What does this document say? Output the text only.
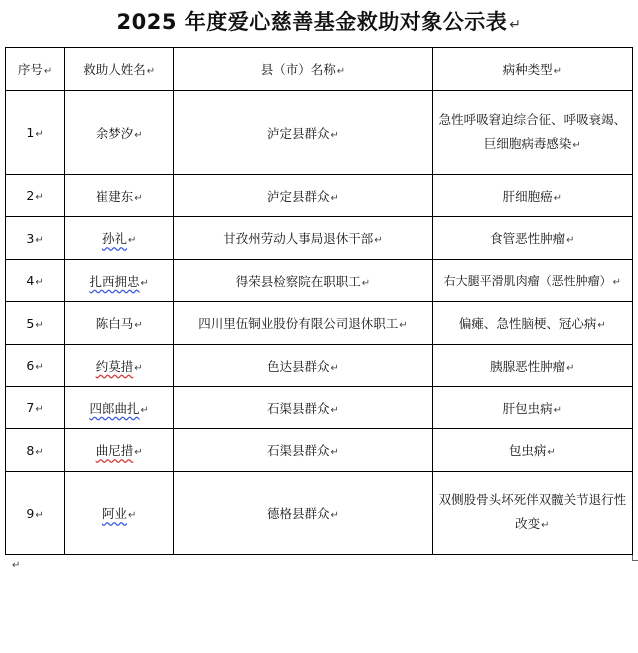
2025 年度爱心慈善基金救助对象公示表 ↵
序号↵	救助人姓名↵	县（市）名称↵	病种类型↵
1↵	余梦汐↵	泸定县群众↵	急性呼吸窘迫综合征、呼吸衰竭、巨细胞病毒感染↵
2↵	崔建东↵	泸定县群众↵	肝细胞癌↵
3↵	孙礼↵	甘孜州劳动人事局退休干部↵	食管恶性肿瘤↵
4↵	扎西拥忠↵	得荣县检察院在职职工↵	右大腿平滑肌肉瘤（恶性肿瘤）↵
5↵	陈白马↵	四川里伍铜业股份有限公司退休职工↵	偏瘫、急性脑梗、冠心病↵
6↵	约莫措↵	色达县群众↵	胰腺恶性肿瘤↵
7↵	四郎曲扎↵	石渠县群众↵	肝包虫病↵
8↵	曲尼措↵	石渠县群众↵	包虫病↵
9↵	阿业↵	德格县群众↵	双侧股骨头坏死伴双髋关节退行性改变↵
↵
